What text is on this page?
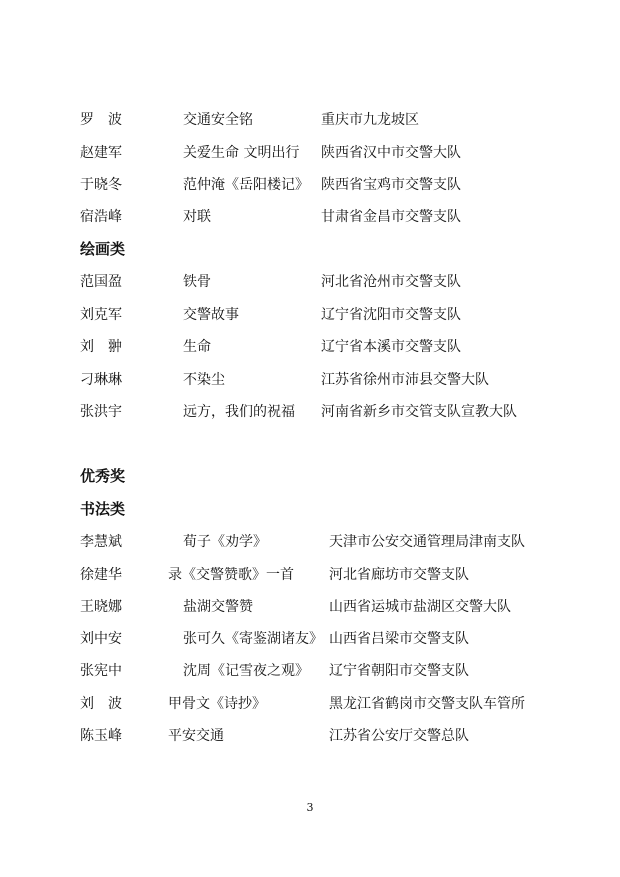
罗　波	交通安全铭	重庆市九龙坡区
赵建军	关爱生命 文明出行 陕西省汉中市交警大队
于晓冬	范仲淹《岳阳楼记》 陕西省宝鸡市交警支队
宿浩峰	对联	甘肃省金昌市交警支队
绘画类
范国盈	铁骨	河北省沧州市交警支队
刘克军	交警故事	辽宁省沈阳市交警支队
刘　翀	生命	辽宁省本溪市交警支队
刁琳琳	不染尘	江苏省徐州市沛县交警大队
张洪宇	远方，我们的祝福 河南省新乡市交管支队宣教大队
优秀奖
书法类
李慧斌	荀子《劝学》	天津市公安交通管理局津南支队
徐建华	录《交警赞歌》一首	河北省廊坊市交警支队
王晓娜	盐湖交警赞	山西省运城市盐湖区交警大队
刘中安	张可久《寄鉴湖诸友》 山西省吕梁市交警支队
张宪中	沈周《记雪夜之观》 辽宁省朝阳市交警支队
刘　波	甲骨文《诗抄》	黑龙江省鹤岗市交警支队车管所
陈玉峰	平安交通	江苏省公安厅交警总队
3
